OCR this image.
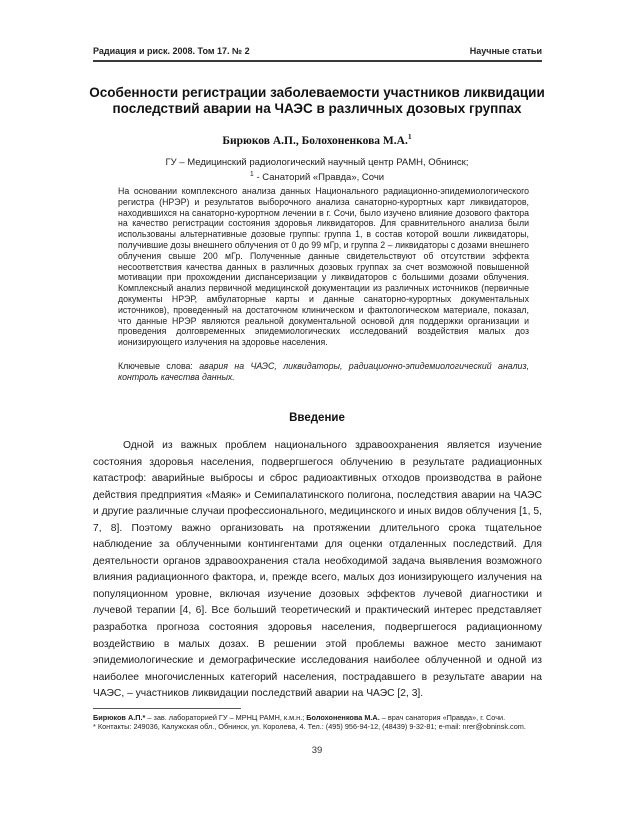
Радиация и риск. 2008. Том 17. № 2	Научные статьи
Особенности регистрации заболеваемости участников ликвидации последствий аварии на ЧАЭС в различных дозовых группах
Бирюков А.П., Болохоненкова М.А.$^1$
ГУ – Медицинский радиологический научный центр РАМН, Обнинск;
$^1$ - Санаторий «Правда», Сочи
На основании комплексного анализа данных Национального радиационно-эпидемиологического регистра (НРЭР) и результатов выборочного анализа санаторно-курортных карт ликвидаторов, находившихся на санаторно-курортном лечении в г. Сочи, было изучено влияние дозового фактора на качество регистрации состояния здоровья ликвидаторов. Для сравнительного анализа были использованы альтернативные дозовые группы: группа 1, в состав которой вошли ликвидаторы, получившие дозы внешнего облучения от 0 до 99 мГр, и группа 2 – ликвидаторы с дозами внешнего облучения свыше 200 мГр. Полученные данные свидетельствуют об отсутствии эффекта несоответствия качества данных в различных дозовых группах за счет возможной повышенной мотивации при прохождении диспансеризации у ликвидаторов с большими дозами облучения. Комплексный анализ первичной медицинской документации из различных источников (первичные документы НРЭР, амбулаторные карты и данные санаторно-курортных документальных источников), проведенный на достаточном клиническом и фактологическом материале, показал, что данные НРЭР являются реальной документальной основой для поддержки организации и проведения долговременных эпидемиологических исследований воздействия малых доз ионизирующего излучения на здоровье населения.
Ключевые слова: авария на ЧАЭС, ликвидаторы, радиационно-эпидемиологический анализ, контроль качества данных.
Введение
Одной из важных проблем национального здравоохранения является изучение состояния здоровья населения, подвергшегося облучению в результате радиационных катастроф: аварийные выбросы и сброс радиоактивных отходов производства в районе действия предприятия «Маяк» и Семипалатинского полигона, последствия аварии на ЧАЭС и другие различные случаи профессионального, медицинского и иных видов облучения [1, 5, 7, 8]. Поэтому важно организовать на протяжении длительного срока тщательное наблюдение за облученными контингентами для оценки отдаленных последствий. Для деятельности органов здравоохранения стала необходимой задача выявления возможного влияния радиационного фактора, и, прежде всего, малых доз ионизирующего излучения на популяционном уровне, включая изучение дозовых эффектов лучевой диагностики и лучевой терапии [4, 6]. Все больший теоретический и практический интерес представляет разработка прогноза состояния здоровья населения, подвергшегося радиационному воздействию в малых дозах. В решении этой проблемы важное место занимают эпидемиологические и демографические исследования наиболее облученной и одной из наиболее многочисленных категорий населения, пострадавшего в результате аварии на ЧАЭС, – участников ликвидации последствий аварии на ЧАЭС [2, 3].
Бирюков А.П.* – зав. лабораторией ГУ – МРНЦ РАМН, к.м.н.; Болохоненкова М.А. – врач санатория «Правда», г. Сочи.
* Контакты: 249036, Калужская обл., Обнинск, ул. Королева, 4. Тел.: (495) 956-94-12, (48439) 9-32-81; e-mail: nrer@obninsk.com.
39
